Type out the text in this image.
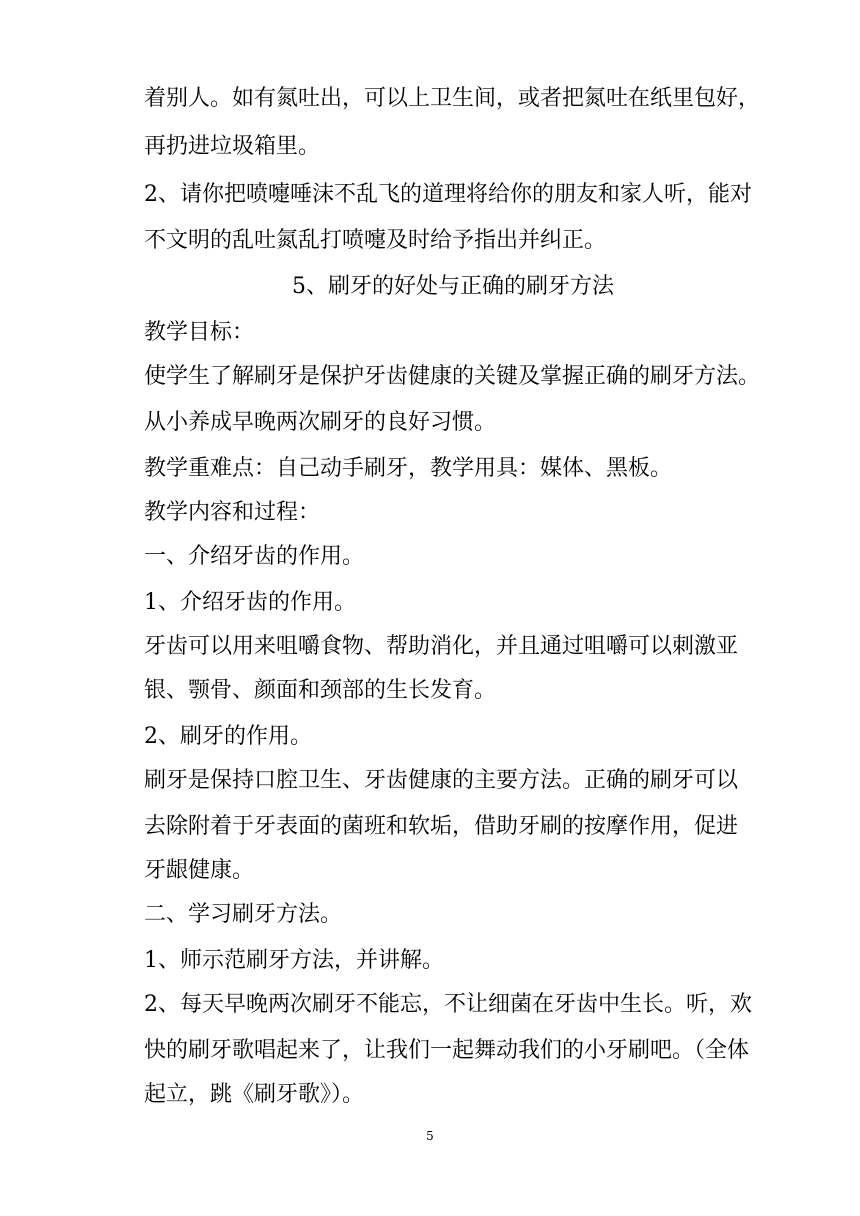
着别人。如有氮吐出，可以上卫生间，或者把氮吐在纸里包好，
再扔进垃圾箱里。
2、请你把喷嚏唾沫不乱飞的道理将给你的朋友和家人听，能对
不文明的乱吐氮乱打喷嚏及时给予指出并纠正。
5、刷牙的好处与正确的刷牙方法
教学目标：
使学生了解刷牙是保护牙齿健康的关键及掌握正确的刷牙方法。
从小养成早晚两次刷牙的良好习惯。
教学重难点：自己动手刷牙，教学用具：媒体、黑板。
教学内容和过程：
一、介绍牙齿的作用。
1、介绍牙齿的作用。
牙齿可以用来咀嚼食物、帮助消化，并且通过咀嚼可以刺激亚
银、颚骨、颜面和颈部的生长发育。
2、刷牙的作用。
刷牙是保持口腔卫生、牙齿健康的主要方法。正确的刷牙可以
去除附着于牙表面的菌班和软垢，借助牙刷的按摩作用，促进
牙龈健康。
二、学习刷牙方法。
1、师示范刷牙方法，并讲解。
2、每天早晚两次刷牙不能忘，不让细菌在牙齿中生长。听，欢
快的刷牙歌唱起来了，让我们一起舞动我们的小牙刷吧。（全体
起立，跳《刷牙歌》）。
5
